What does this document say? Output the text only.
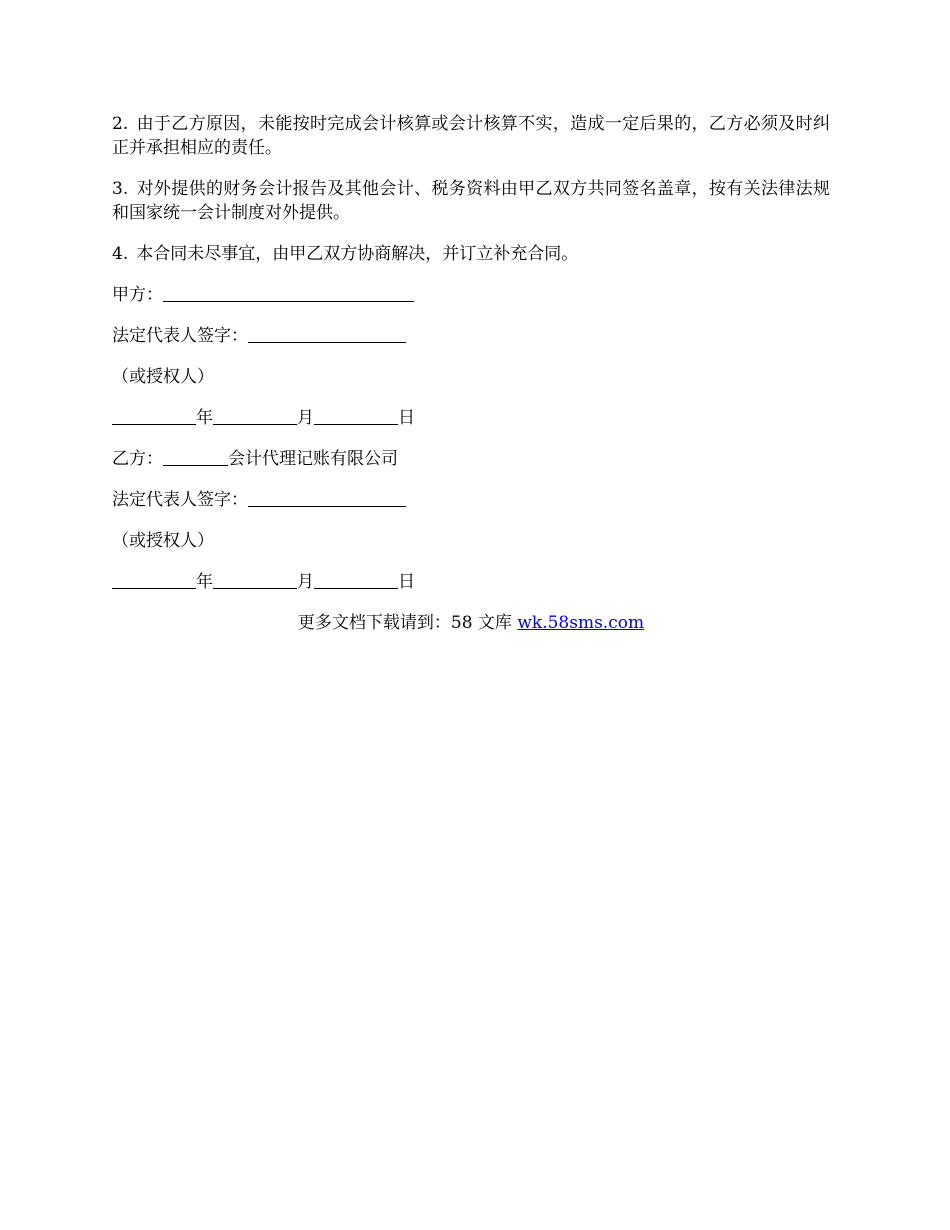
2. 由于乙方原因，未能按时完成会计核算或会计核算不实，造成一定后果的，乙方必须及时纠正并承担相应的责任。

3. 对外提供的财务会计报告及其他会计、税务资料由甲乙双方共同签名盖章，按有关法律法规和国家统一会计制度对外提供。

4. 本合同未尽事宜，由甲乙双方协商解决，并订立补充合同。

甲方：
法定代表人签字：
（或授权人）
年	月	日
乙方：	会计代理记账有限公司
法定代表人签字：
（或授权人）
年	月	日
更多文档下载请到：58 文库 wk.58sms.com
